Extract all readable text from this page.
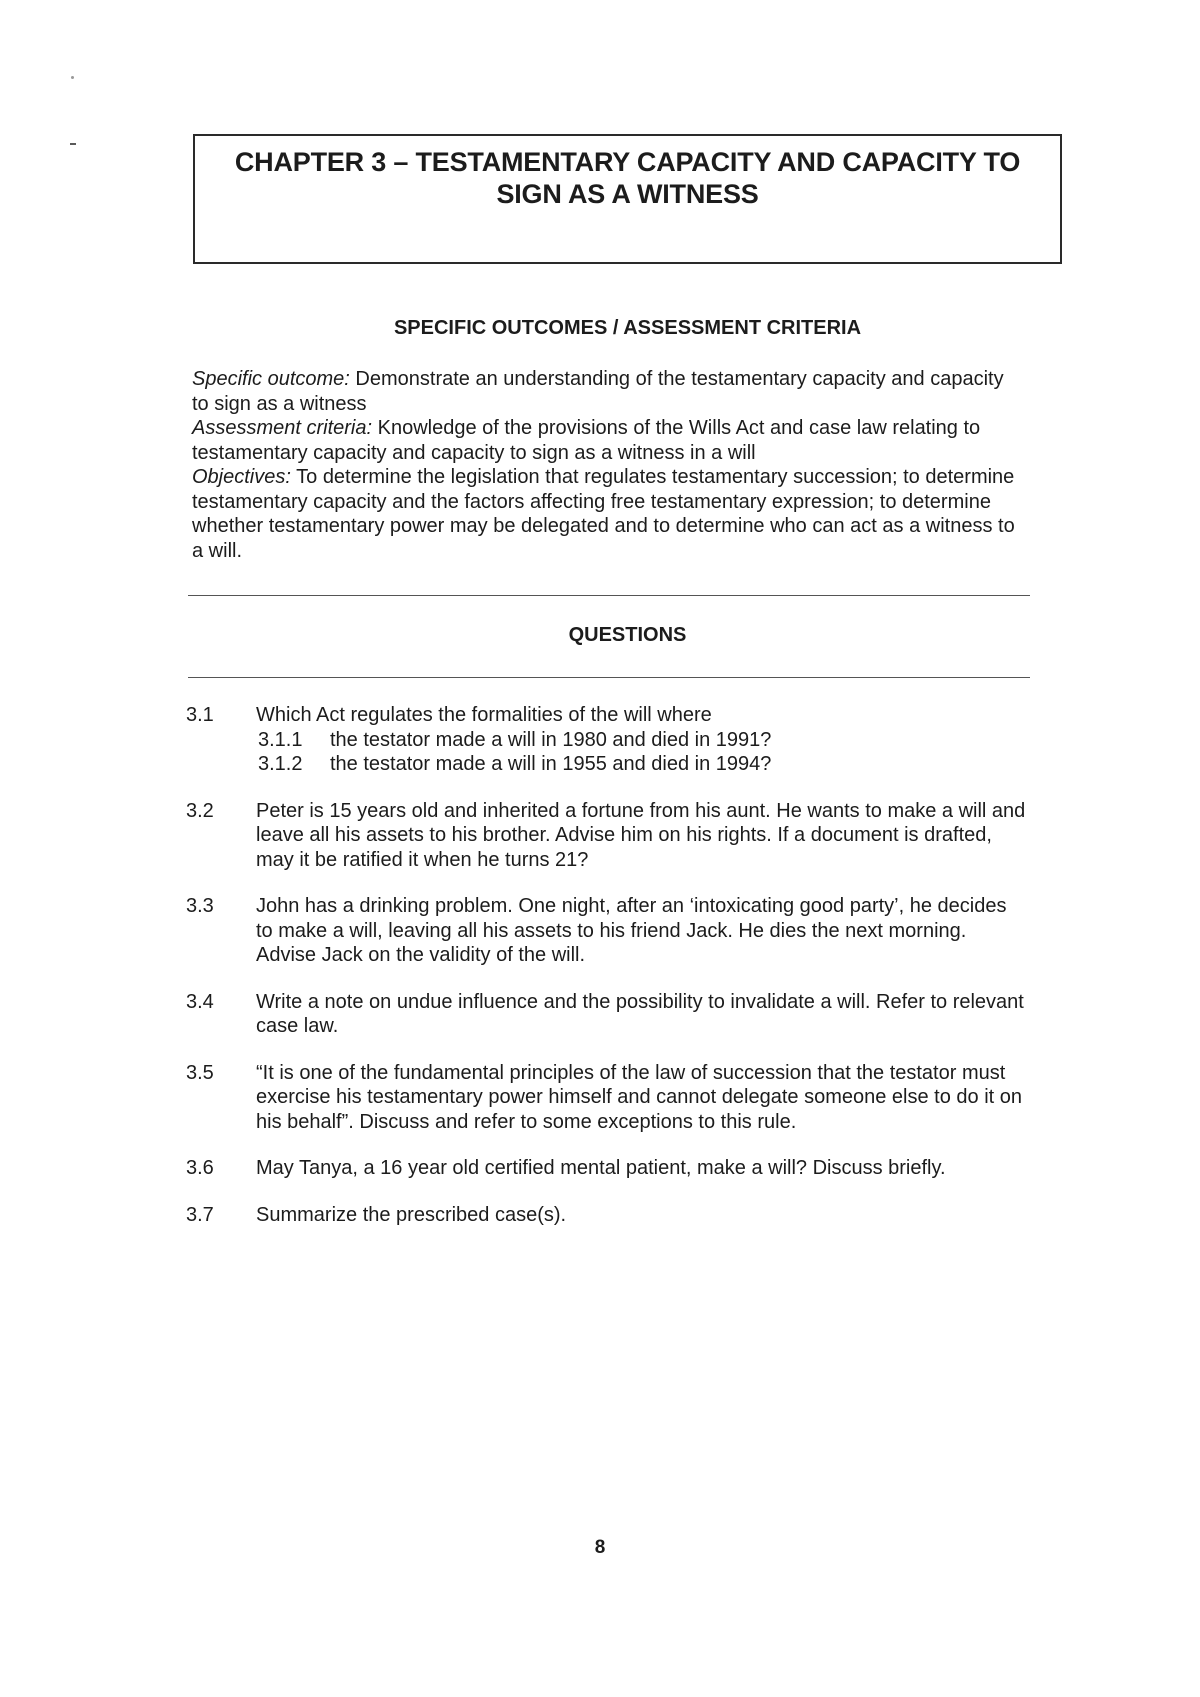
CHAPTER 3 – TESTAMENTARY CAPACITY AND CAPACITY TO
SIGN AS A WITNESS
SPECIFIC OUTCOMES / ASSESSMENT CRITERIA

Specific outcome: Demonstrate an understanding of the testamentary capacity and capacity to sign as a witness

Assessment criteria: Knowledge of the provisions of the Wills Act and case law relating to testamentary capacity and capacity to sign as a witness in a will

Objectives: To determine the legislation that regulates testamentary succession; to determine testamentary capacity and the factors affecting free testamentary expression; to determine whether testamentary power may be delegated and to determine who can act as a witness to a will.

QUESTIONS
3.1	Which Act regulates the formalities of the will where

3.1.1	the testator made a will in 1980 and died in 1991?
3.1.2	the testator made a will in 1955 and died in 1994?
3.2	Peter is 15 years old and inherited a fortune from his aunt. He wants to make a will and leave all his assets to his brother. Advise him on his rights. If a document is drafted, may it be ratified it when he turns 21?

3.3	John has a drinking problem. One night, after an ‘intoxicating good party’, he decides to make a will, leaving all his assets to his friend Jack. He dies the next morning. Advise Jack on the validity of the will.

3.4	Write a note on undue influence and the possibility to invalidate a will. Refer to relevant case law.

3.5	“It is one of the fundamental principles of the law of succession that the testator must exercise his testamentary power himself and cannot delegate someone else to do it on his behalf”. Discuss and refer to some exceptions to this rule.

3.6	May Tanya, a 16 year old certified mental patient, make a will? Discuss briefly.

3.7	Summarize the prescribed case(s).

8
